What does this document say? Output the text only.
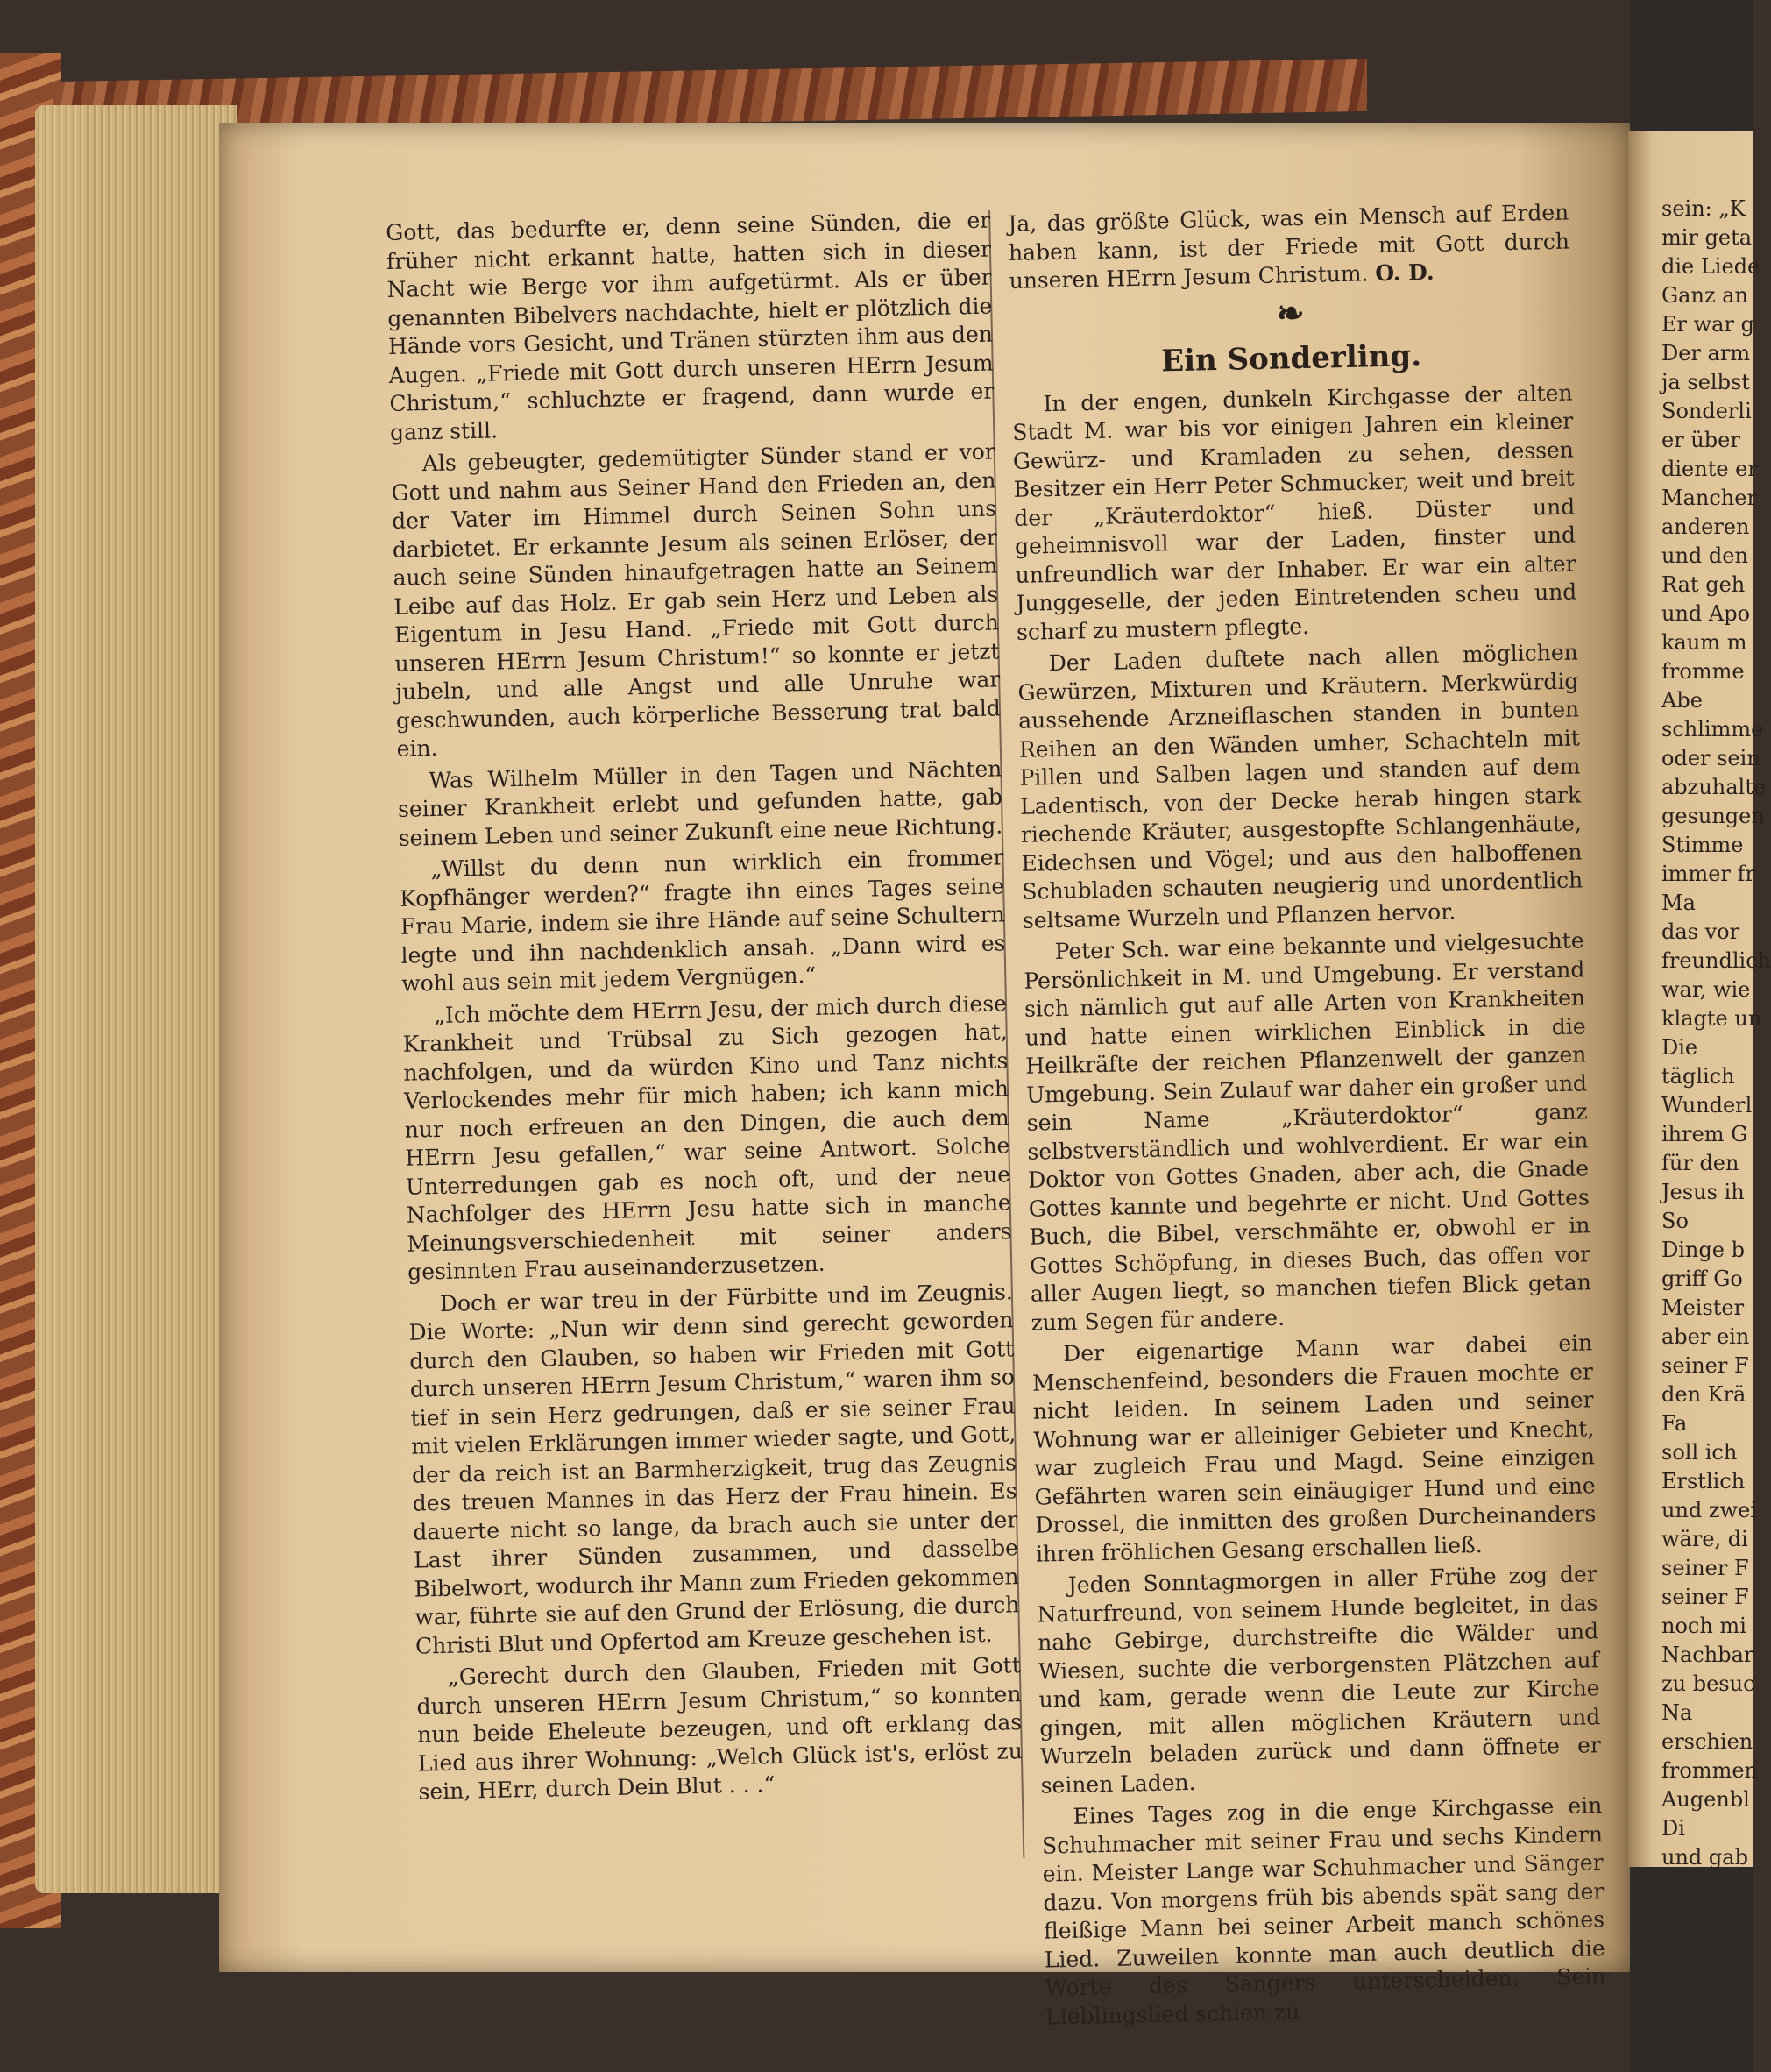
Gott, das bedurfte er, denn seine Sünden, die er früher nicht erkannt hatte, hatten sich in dieser Nacht wie Berge vor ihm aufgetürmt. Als er über genannten Bibelvers nachdachte, hielt er plötzlich die Hände vors Gesicht, und Tränen stürzten ihm aus den Augen. „Friede mit Gott durch unseren HErrn Jesum Christum,“ schluchzte er fragend, dann wurde er ganz still.

Als gebeugter, gedemütigter Sünder stand er vor Gott und nahm aus Seiner Hand den Frieden an, den der Vater im Himmel durch Seinen Sohn uns darbietet. Er erkannte Jesum als seinen Erlöser, der auch seine Sünden hinaufgetragen hatte an Seinem Leibe auf das Holz. Er gab sein Herz und Leben als Eigentum in Jesu Hand. „Friede mit Gott durch unseren HErrn Jesum Christum!“ so konnte er jetzt jubeln, und alle Angst und alle Unruhe war geschwunden, auch körperliche Besserung trat bald ein.

Was Wilhelm Müller in den Tagen und Nächten seiner Krankheit erlebt und gefunden hatte, gab seinem Leben und seiner Zukunft eine neue Richtung.

„Willst du denn nun wirklich ein frommer Kopfhänger werden?“ fragte ihn eines Tages seine Frau Marie, indem sie ihre Hände auf seine Schultern legte und ihn nachdenklich ansah. „Dann wird es wohl aus sein mit jedem Vergnügen.“

„Ich möchte dem HErrn Jesu, der mich durch diese Krankheit und Trübsal zu Sich gezogen hat, nachfolgen, und da würden Kino und Tanz nichts Verlockendes mehr für mich haben; ich kann mich nur noch erfreuen an den Dingen, die auch dem HErrn Jesu gefallen,“ war seine Antwort. Solche Unterredungen gab es noch oft, und der neue Nachfolger des HErrn Jesu hatte sich in manche Meinungsverschiedenheit mit seiner anders gesinnten Frau auseinanderzusetzen.

Doch er war treu in der Fürbitte und im Zeugnis. Die Worte: „Nun wir denn sind gerecht geworden durch den Glauben, so haben wir Frieden mit Gott durch unseren HErrn Jesum Christum,“ waren ihm so tief in sein Herz gedrungen, daß er sie seiner Frau mit vielen Erklärungen immer wieder sagte, und Gott, der da reich ist an Barmherzigkeit, trug das Zeugnis des treuen Mannes in das Herz der Frau hinein. Es dauerte nicht so lange, da brach auch sie unter der Last ihrer Sünden zusammen, und dasselbe Bibelwort, wodurch ihr Mann zum Frieden gekommen war, führte sie auf den Grund der Erlösung, die durch Christi Blut und Opfertod am Kreuze geschehen ist.

„Gerecht durch den Glauben, Frieden mit Gott durch unseren HErrn Jesum Christum,“ so konnten nun beide Eheleute bezeugen, und oft erklang das Lied aus ihrer Wohnung: „Welch Glück ist's, erlöst zu sein, HErr, durch Dein Blut . . .“

Ja, das größte Glück, was ein Mensch auf Erden haben kann, ist der Friede mit Gott durch unseren HErrn Jesum Christum. O. D.

❧
Ein Sonderling.

In der engen, dunkeln Kirchgasse der alten Stadt M. war bis vor einigen Jahren ein kleiner Gewürz- und Kramladen zu sehen, dessen Besitzer ein Herr Peter Schmucker, weit und breit der „Kräuterdoktor“ hieß. Düster und geheimnisvoll war der Laden, finster und unfreundlich war der Inhaber. Er war ein alter Junggeselle, der jeden Eintretenden scheu und scharf zu mustern pflegte.

Der Laden duftete nach allen möglichen Gewürzen, Mixturen und Kräutern. Merkwürdig aussehende Arzneiflaschen standen in bunten Reihen an den Wänden umher, Schachteln mit Pillen und Salben lagen und standen auf dem Ladentisch, von der Decke herab hingen stark riechende Kräuter, ausgestopfte Schlangenhäute, Eidechsen und Vögel; und aus den halboffenen Schubladen schauten neugierig und unordentlich seltsame Wurzeln und Pflanzen hervor.

Peter Sch. war eine bekannte und vielgesuchte Persönlichkeit in M. und Umgebung. Er verstand sich nämlich gut auf alle Arten von Krankheiten und hatte einen wirklichen Einblick in die Heilkräfte der reichen Pflanzenwelt der ganzen Umgebung. Sein Zulauf war daher ein großer und sein Name „Kräuterdoktor“ ganz selbstverständlich und wohlverdient. Er war ein Doktor von Gottes Gnaden, aber ach, die Gnade Gottes kannte und begehrte er nicht. Und Gottes Buch, die Bibel, verschmähte er, obwohl er in Gottes Schöpfung, in dieses Buch, das offen vor aller Augen liegt, so manchen tiefen Blick getan zum Segen für andere.

Der eigenartige Mann war dabei ein Menschenfeind, besonders die Frauen mochte er nicht leiden. In seinem Laden und seiner Wohnung war er alleiniger Gebieter und Knecht, war zugleich Frau und Magd. Seine einzigen Gefährten waren sein einäugiger Hund und eine Drossel, die inmitten des großen Durcheinanders ihren fröhlichen Gesang erschallen ließ.

Jeden Sonntagmorgen in aller Frühe zog der Naturfreund, von seinem Hunde begleitet, in das nahe Gebirge, durchstreifte die Wälder und Wiesen, suchte die verborgensten Plätzchen auf und kam, gerade wenn die Leute zur Kirche gingen, mit allen möglichen Kräutern und Wurzeln beladen zurück und dann öffnete er seinen Laden.

Eines Tages zog in die enge Kirchgasse ein Schuhmacher mit seiner Frau und sechs Kindern ein. Meister Lange war Schuhmacher und Sänger dazu. Von morgens früh bis abends spät sang der fleißige Mann bei seiner Arbeit manch schönes Lied. Zuweilen konnte man auch deutlich die Worte des Sängers unterscheiden. Sein Lieblingslied schien zu

sein: „K
mir geta
die Liede
Ganz an
Er war g
Der arm
ja selbst
Sonderli
er über
diente er
Mancher
anderen
und den
Rat geh
und Apo
kaum m
fromme
Abe
schlimme
oder sein
abzuhalte
gesungen
Stimme
immer fr
Ma
das vor
freundlich
war, wie
klagte un
Die
täglich
Wunderl
ihrem G
für den
Jesus ih
So
Dinge b
griff Go
Meister
aber ein
seiner F
den Krä
Fa
soll ich
Erstlich
und zwei
wäre, di
seiner F
seiner F
noch mi
Nachbar
zu besuc
Na
erschien
frommen
Augenbl
Di
und gab
